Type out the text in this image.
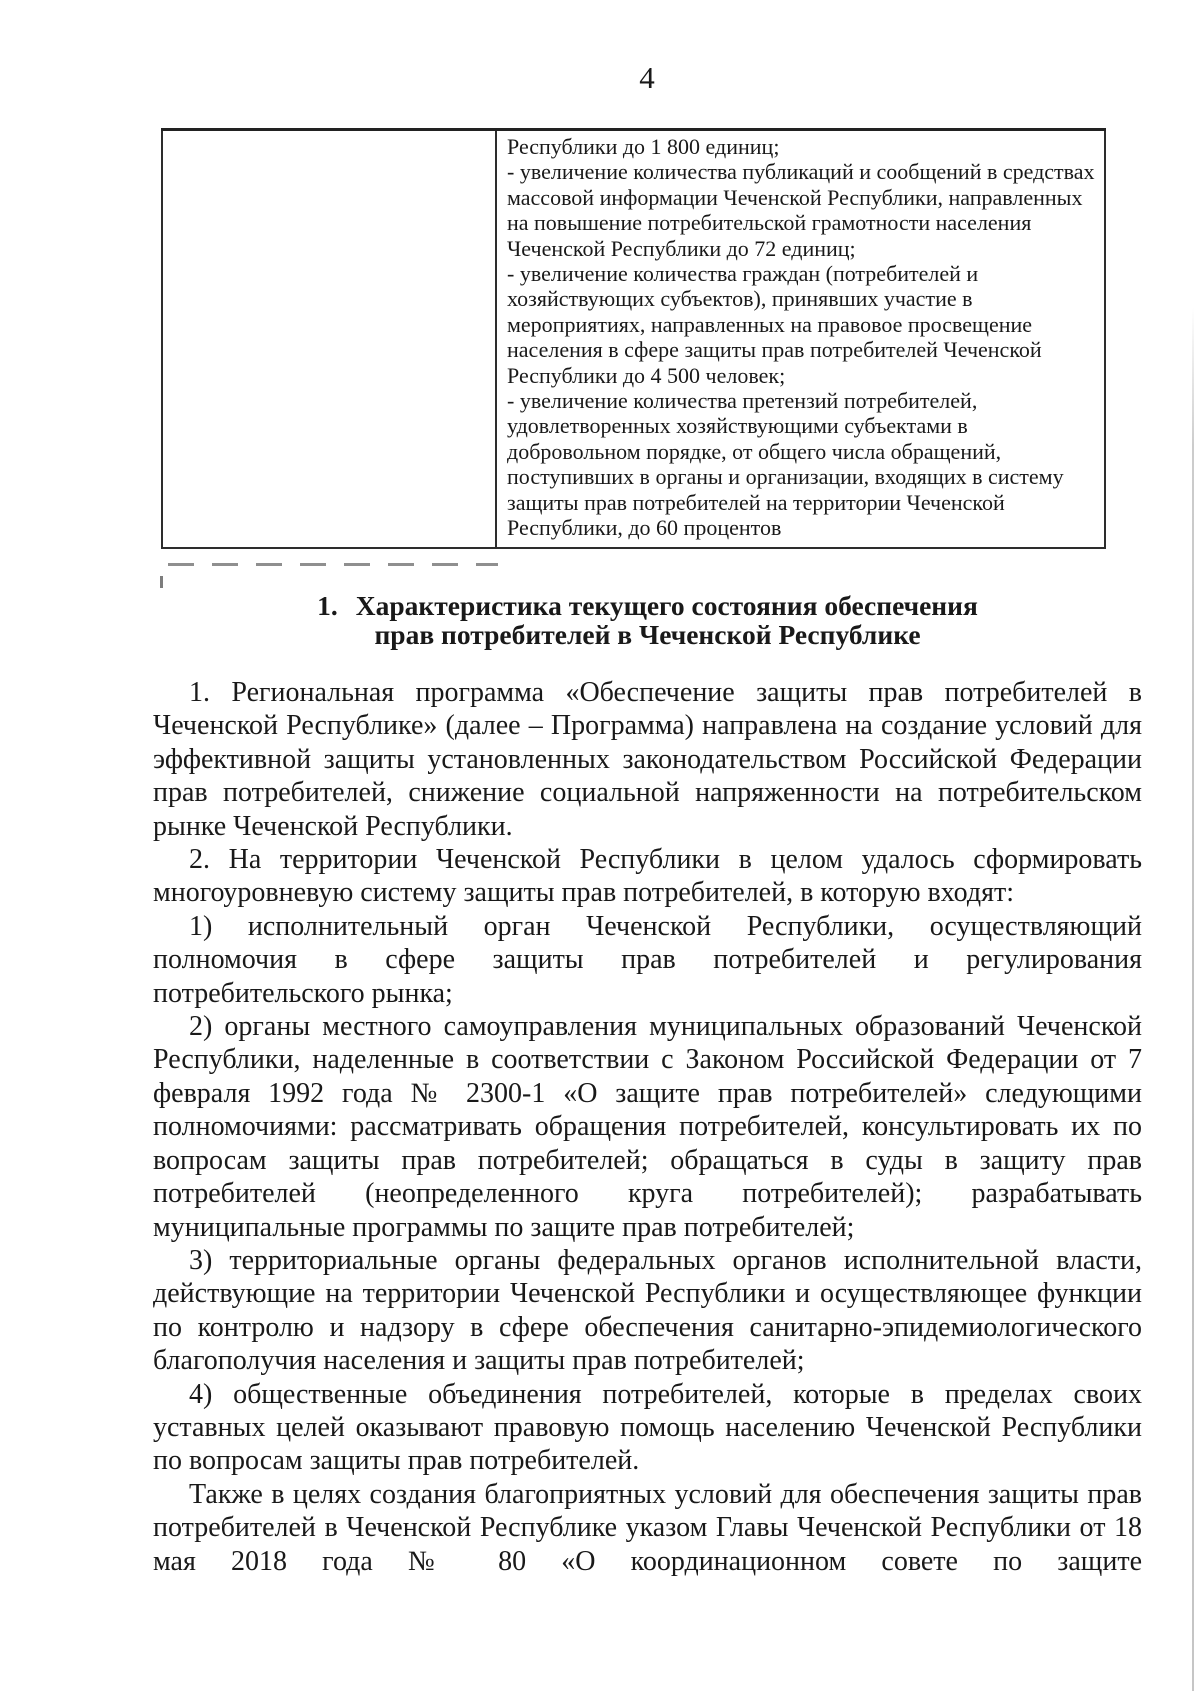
4

Республики до 1 800 единиц;

- увеличение количества публикаций и сообщений в средствах массовой информации Чеченской Республики, направленных на повышение потребительской грамотности населения Чеченской Республики до 72 единиц;

- увеличение количества граждан (потребителей и хозяйствующих субъектов), принявших участие в мероприятиях, направленных на правовое просвещение населения в сфере защиты прав потребителей Чеченской Республики до 4 500 человек;

- увеличение количества претензий потребителей, удовлетворенных хозяйствующими субъектами в добровольном порядке, от общего числа обращений, поступивших в органы и организации, входящих в систему защиты прав потребителей на территории Чеченской Республики, до 60 процентов

1. Характеристика текущего состояния обеспечения
прав потребителей в Чеченской Республике

1. Региональная программа «Обеспечение защиты прав потребителей в Чеченской Республике» (далее – Программа) направлена на создание условий для эффективной защиты установленных законодательством Российской Федерации прав потребителей, снижение социальной напряженности на потребительском рынке Чеченской Республики.

2. На территории Чеченской Республики в целом удалось сформировать многоуровневую систему защиты прав потребителей, в которую входят:

1) исполнительный орган Чеченской Республики, осуществляющий полномочия в сфере защиты прав потребителей и регулирования потребительского рынка;

2) органы местного самоуправления муниципальных образований Чеченской Республики, наделенные в соответствии с Законом Российской Федерации от 7 февраля 1992 года № 2300-1 «О защите прав потребителей» следующими полномочиями: рассматривать обращения потребителей, консультировать их по вопросам защиты прав потребителей; обращаться в суды в защиту прав потребителей (неопределенного круга потребителей); разрабатывать муниципальные программы по защите прав потребителей;

3) территориальные органы федеральных органов исполнительной власти, действующие на территории Чеченской Республики и осуществляющее функции по контролю и надзору в сфере обеспечения санитарно-эпидемиологического благополучия населения и защиты прав потребителей;

4) общественные объединения потребителей, которые в пределах своих уставных целей оказывают правовую помощь населению Чеченской Республики по вопросам защиты прав потребителей.

Также в целях создания благоприятных условий для обеспечения защиты прав потребителей в Чеченской Республике указом Главы Чеченской Республики от 18 мая 2018 года № 80 «О координационном совете по защите
